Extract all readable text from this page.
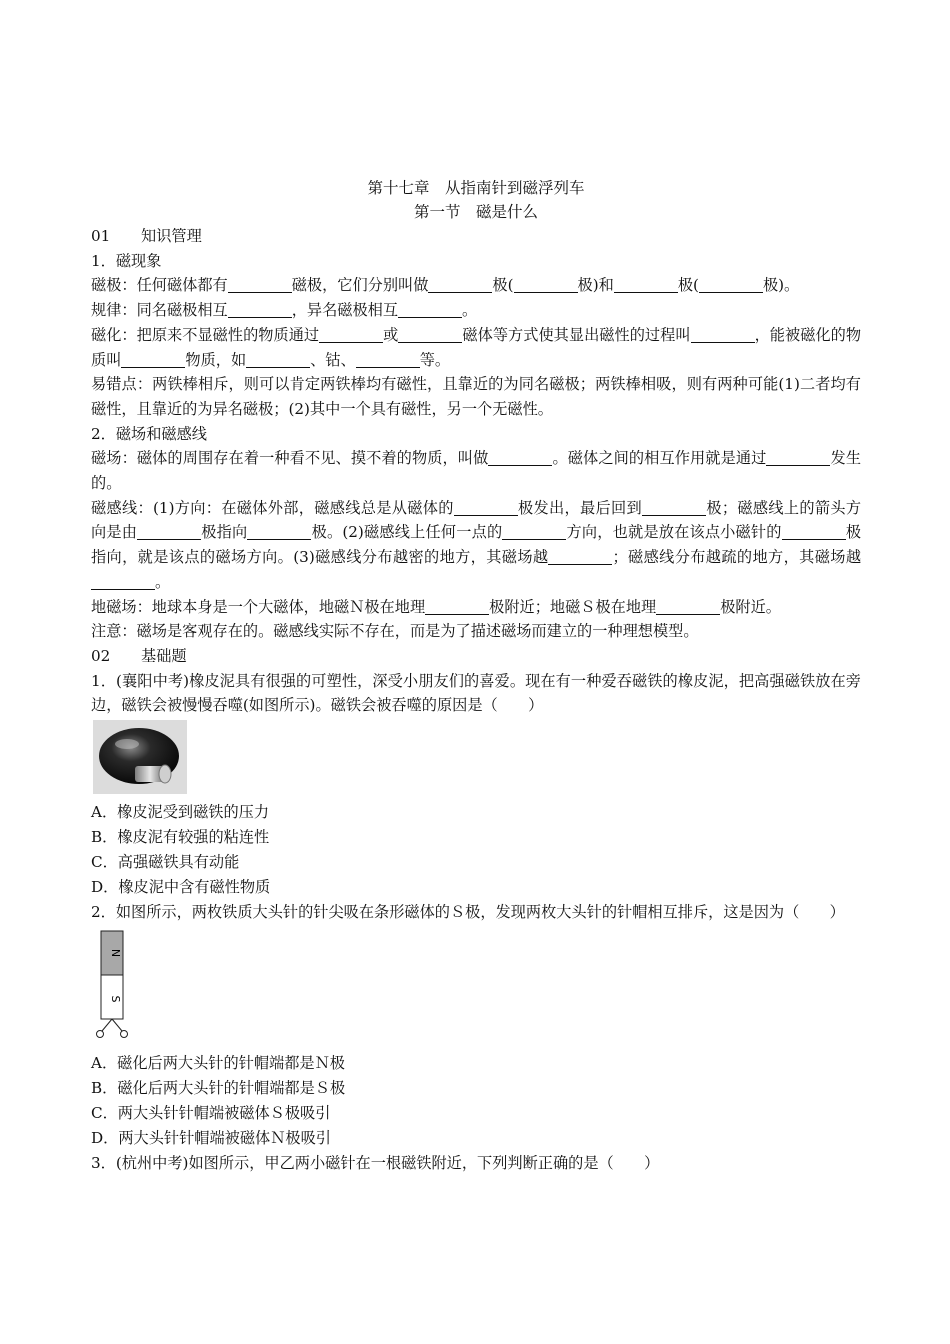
第十七章　从指南针到磁浮列车
第一节　磁是什么
01 知识管理
1．磁现象
磁极：任何磁体都有	磁极，它们分别叫做	极(	极)和	极(	极)。
规律：同名磁极相互	，异名磁极相互	。
磁化：把原来不显磁性的物质通过	或	磁体等方式使其显出磁性的过程叫	，能被磁化的物质叫	物质，如	、钴、	等。
易错点：两铁棒相斥，则可以肯定两铁棒均有磁性，且靠近的为同名磁极；两铁棒相吸，则有两种可能(1)二者均有磁性，且靠近的为异名磁极；(2)其中一个具有磁性，另一个无磁性。
2．磁场和磁感线
磁场：磁体的周围存在着一种看不见、摸不着的物质，叫做	。磁体之间的相互作用就是通过	发生的。
磁感线：(1)方向：在磁体外部，磁感线总是从磁体的	极发出，最后回到	极；磁感线上的箭头方向是由	极指向	极。(2)磁感线上任何一点的	方向，也就是放在该点小磁针的	极指向，就是该点的磁场方向。(3)磁感线分布越密的地方，其磁场越	；磁感线分布越疏的地方，其磁场越。
地磁场：地球本身是一个大磁体，地磁Ｎ极在地理	极附近；地磁Ｓ极在地理	极附近。
注意：磁场是客观存在的。磁感线实际不存在，而是为了描述磁场而建立的一种理想模型。
02 基础题
1．(襄阳中考)橡皮泥具有很强的可塑性，深受小朋友们的喜爱。现在有一种爱吞磁铁的橡皮泥，把高强磁铁放在旁边，磁铁会被慢慢吞噬(如图所示)。磁铁会被吞噬的原因是（　　）
A．橡皮泥受到磁铁的压力
B．橡皮泥有较强的粘连性
C．高强磁铁具有动能
D．橡皮泥中含有磁性物质
2．如图所示，两枚铁质大头针的针尖吸在条形磁体的Ｓ极，发现两枚大头针的针帽相互排斥，这是因为（　　）
N
S
A．磁化后两大头针的针帽端都是Ｎ极
B．磁化后两大头针的针帽端都是Ｓ极
C．两大头针针帽端被磁体Ｓ极吸引
D．两大头针针帽端被磁体Ｎ极吸引
3．(杭州中考)如图所示，甲乙两小磁针在一根磁铁附近，下列判断正确的是（　　）
